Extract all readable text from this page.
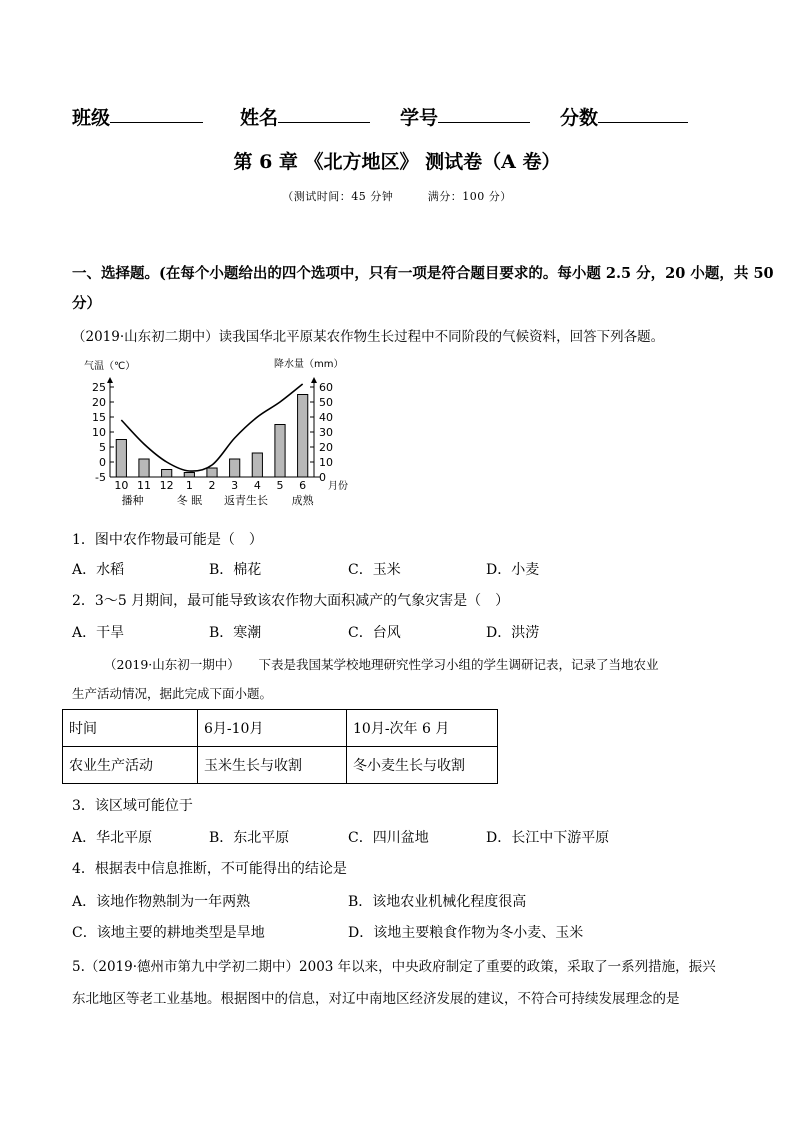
班级	姓名	学号	分数
第 6 章 《北方地区》 测试卷（A 卷）
（测试时间：45 分钟　　　满分：100 分）
一、选择题。(在每个小题给出的四个选项中，只有一项是符合题目要求的。每小题 2.5 分，20 小题，共 50
分）
（2019·山东初二期中）读我国华北平原某农作物生长过程中不同阶段的气候资料，回答下列各题。
气温（℃）	降水量（mm）
25
20
15
10
5
0
-5
60
50
40
30
20
10
0
10 11 12 1 2 3 4 5 6 月份
播种	冬 眠 返青生长 成熟
1．图中农作物最可能是（　）
A．水稻	B．棉花	C．玉米	D．小麦
2．3～5 月期间，最可能导致该农作物大面积减产的气象灾害是（　）
A．干旱	B．寒潮	C．台风	D．洪涝
（2019·山东初一期中）　　下表是我国某学校地理研究性学习小组的学生调研记表，记录了当地农业
生产活动情况，据此完成下面小题。
时间	6月-10月	10月-次年 6 月
农业生产活动	玉米生长与收割	冬小麦生长与收割
3．该区域可能位于
A．华北平原	B．东北平原	C．四川盆地	D．长江中下游平原
4．根据表中信息推断，不可能得出的结论是
A．该地作物熟制为一年两熟	B．该地农业机械化程度很高
C．该地主要的耕地类型是旱地	D．该地主要粮食作物为冬小麦、玉米
5.（2019·德州市第九中学初二期中）2003 年以来，中央政府制定了重要的政策，采取了一系列措施，振兴
东北地区等老工业基地。根据图中的信息，对辽中南地区经济发展的建议，不符合可持续发展理念的是
